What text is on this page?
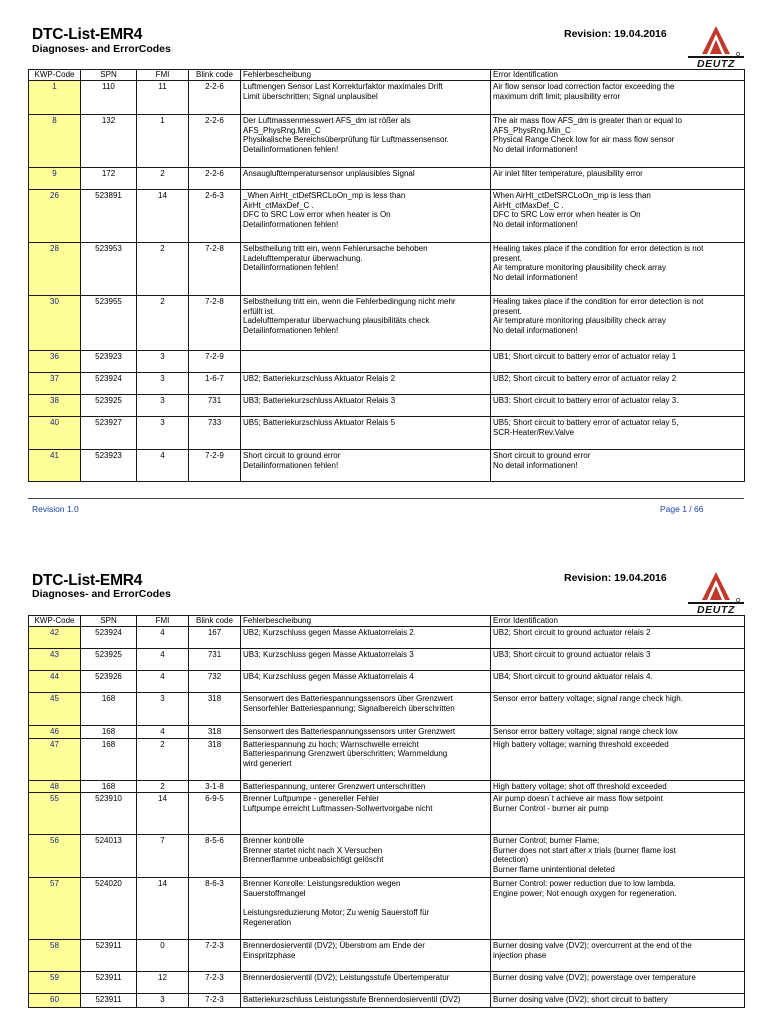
DTC-List-EMR4
Diagnoses- and ErrorCodes
Revision: 19.04.2016
DEUTZ
KWP-Code	SPN	FMI	Blink code	Fehlerbescheibung	Error Identification
1	110	11	2-2-6	Luftmengen Sensor Last Korrekturfaktor maximales Drift
Limit überschritten; Signal unplausibel	Air flow sensor load correction factor exceeding the
maximum drift limit; plausibility error
8	132	1	2-2-6	Der Luftmassenmesswert AFS_dm ist rößer als
AFS_PhysRng.Min_C
Physikalische Bereichsüberprüfung für Luftmassensensor.
Detailinformationen fehlen!	The air mass flow AFS_dm is greater than or equal to
AFS_PhysRng.Min_C
Physical Range Check low for air mass flow sensor
No detail informationen!
9	172	2	2-2-6	Ansauglufttemperatursensor unplausibles Signal	Air inlet filter temperature, plausibility error
26	523891	14	2-6-3	_When AirHt_ctDefSRCLoOn_mp is less than
AirHt_ctMaxDef_C .
DFC to SRC Low error when heater is On
Detailinformationen fehlen!	When AirHt_ctDefSRCLoOn_mp is less than
AirHt_ctMaxDef_C .
DFC to SRC Low error when heater is On
No detail informationen!
28	523953	2	7-2-8	Selbstheilung tritt ein, wenn Fehlerursache behoben
Ladelufttemperatur überwachung.
Detailinformationen fehlen!	Healing takes place if the condition for error detection is not
present.
Air temprature monitoring plausibility check array
No detail informationen!
30	523955	2	7-2-8	Selbstheilung tritt ein, wenn die Fehlerbedingung nicht mehr
erfüllt ist.
Ladelufttemperatur überwachung plausibilitäts check
Detailinformationen fehlen!	Healing takes place if the condition for error detection is not
present.
Air temprature monitoring plausibility check array
No detail informationen!
36	523923	3	7-2-9		UB1; Short circuit to battery error of actuator relay 1
37	523924	3	1-6-7	UB2; Batteriekurzschluss Aktuator Relais 2	UB2; Short circuit to battery error of actuator relay 2
38	523925	3	731	UB3; Batteriekurzschluss Aktuator Relais 3	UB3: Short circuit to battery error of actuator relay 3.
40	523927	3	733	UB5; Batteriekurzschluss Aktuator Relais 5	UB5; Short circuit to battery error of actuator relay 5,
SCR-Heater/Rev.Valve
41	523923	4	7-2-9	Short circuit to ground error
Detailinformationen fehlen!	Short circuit to ground error
No detail informationen!
Revision 1.0	Page 1 / 66
DTC-List-EMR4
Diagnoses- and ErrorCodes
Revision: 19.04.2016
DEUTZ
KWP-Code	SPN	FMI	Blink code	Fehlerbescheibung	Error Identification
42	523924	4	167	UB2; Kurzschluss gegen Masse Aktuatorrelais 2	UB2; Short circuit to ground actuator relais 2
43	523925	4	731	UB3; Kurzschluss gegen Masse Aktuatorrelais 3	UB3; Short circuit to ground actuator relais 3
44	523926	4	732	UB4; Kurzschluss gegen Masse Aktuatorrelais 4	UB4; Short circuit to ground aktuator relais 4.
45	168	3	318	Sensorwert des Batteriespannungssensors über Grenzwert
Sensorfehler Batteriespannung; Signalbereich überschritten	Sensor error battery voltage; signal range check high.
46	168	4	318	Sensorwert des Batteriespannungssensors unter Grenzwert	Sensor error battery voltage; signal range check low
47	168	2	318	Batteriespannung zu hoch; Warnschwelle erreicht
Batteriespannung Grenzwert überschritten; Warnmeldung
wird generiert	High battery voltage; warning threshold exceeded
48	168	2	3-1-8	Batteriespannung, unterer Grenzwert unterschritten	High battery voltage; shot off threshold exceeded
55	523910	14	6-9-5	Brenner Luftpumpe - genereller Fehler
Luftpumpe erreicht Luftmassen-Sollwertvorgabe nicht	Air pump doesn´t achieve air mass flow setpoint
Burner Control - burner air pump
56	524013	7	8-5-6	Brenner kontrolle
Brenner startet nicht nach X Versuchen
Brennerflamme unbeabsichtigt gelöscht	Burner Control; burner Flame;
Burner does not start after x trials (burner flame lost
detection)
Burner flame unintentional deleted
57	524020	14	8-6-3	Brenner Konrolle: Leistungsreduktion wegen
Sauerstoffmangel

Leistungsreduzierung Motor; Zu wenig Sauerstoff für
Regeneration	Burner Control: power reduction due to low lambda.
Engine power; Not enough oxygen for regeneration.
58	523911	0	7-2-3	Brennerdosierventil (DV2); Überstrom am Ende der
Einspritzphase	Burner dosing valve (DV2); overcurrent at the end of the
injection phase
59	523911	12	7-2-3	Brennerdosierventil (DV2); Leistungsstufe Übertemperatur	Burner dosing valve (DV2); powerstage over temperature
60	523911	3	7-2-3	Batteriekurzschluss Leistungsstufe Brennerdosierventil (DV2)	Burner dosing valve (DV2); short circuit to battery
